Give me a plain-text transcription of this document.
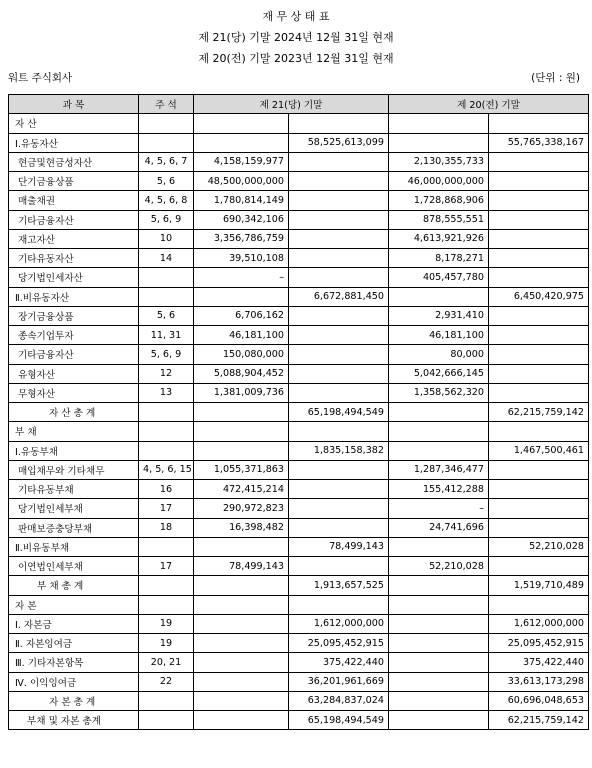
재 무 상 태 표
제 21(당) 기말 2024년 12월 31일 현재
제 20(전) 기말 2023년 12월 31일 현재
워트 주식회사	(단위 : 원)
과 목	주 석	제 21(당) 기말		제 20(전) 기말	
자 산					
Ⅰ.유동자산			58,525,613,099		55,765,338,167
현금및현금성자산	4, 5, 6, 7	4,158,159,977		2,130,355,733	
단기금융상품	5, 6	48,500,000,000		46,000,000,000	
매출채권	4, 5, 6, 8	1,780,814,149		1,728,868,906	
기타금융자산	5, 6, 9	690,342,106		878,555,551	
재고자산	10	3,356,786,759		4,613,921,926	
기타유동자산	14	39,510,108		8,178,271	
당기법인세자산		–		405,457,780	
Ⅱ.비유동자산			6,672,881,450		6,450,420,975
장기금융상품	5, 6	6,706,162		2,931,410	
종속기업투자	11, 31	46,181,100		46,181,100	
기타금융자산	5, 6, 9	150,080,000		80,000	
유형자산	12	5,088,904,452		5,042,666,145	
무형자산	13	1,381,009,736		1,358,562,320	
자 산 총 계			65,198,494,549		62,215,759,142
부 채					
Ⅰ.유동부채			1,835,158,382		1,467,500,461
매입채무와 기타채무	4, 5, 6, 15	1,055,371,863		1,287,346,477	
기타유동부채	16	472,415,214		155,412,288	
당기법인세부채	17	290,972,823		–	
판매보증충당부채	18	16,398,482		24,741,696	
Ⅱ.비유동부채			78,499,143		52,210,028
이연법인세부채	17	78,499,143		52,210,028	
부 채 총 계			1,913,657,525		1,519,710,489
자 본					
Ⅰ. 자본금	19		1,612,000,000		1,612,000,000
Ⅱ. 자본잉여금	19		25,095,452,915		25,095,452,915
Ⅲ. 기타자본항목	20, 21		375,422,440		375,422,440
Ⅳ. 이익잉여금	22		36,201,961,669		33,613,173,298
자 본 총 계			63,284,837,024		60,696,048,653
부채 및 자본 총계			65,198,494,549		62,215,759,142
